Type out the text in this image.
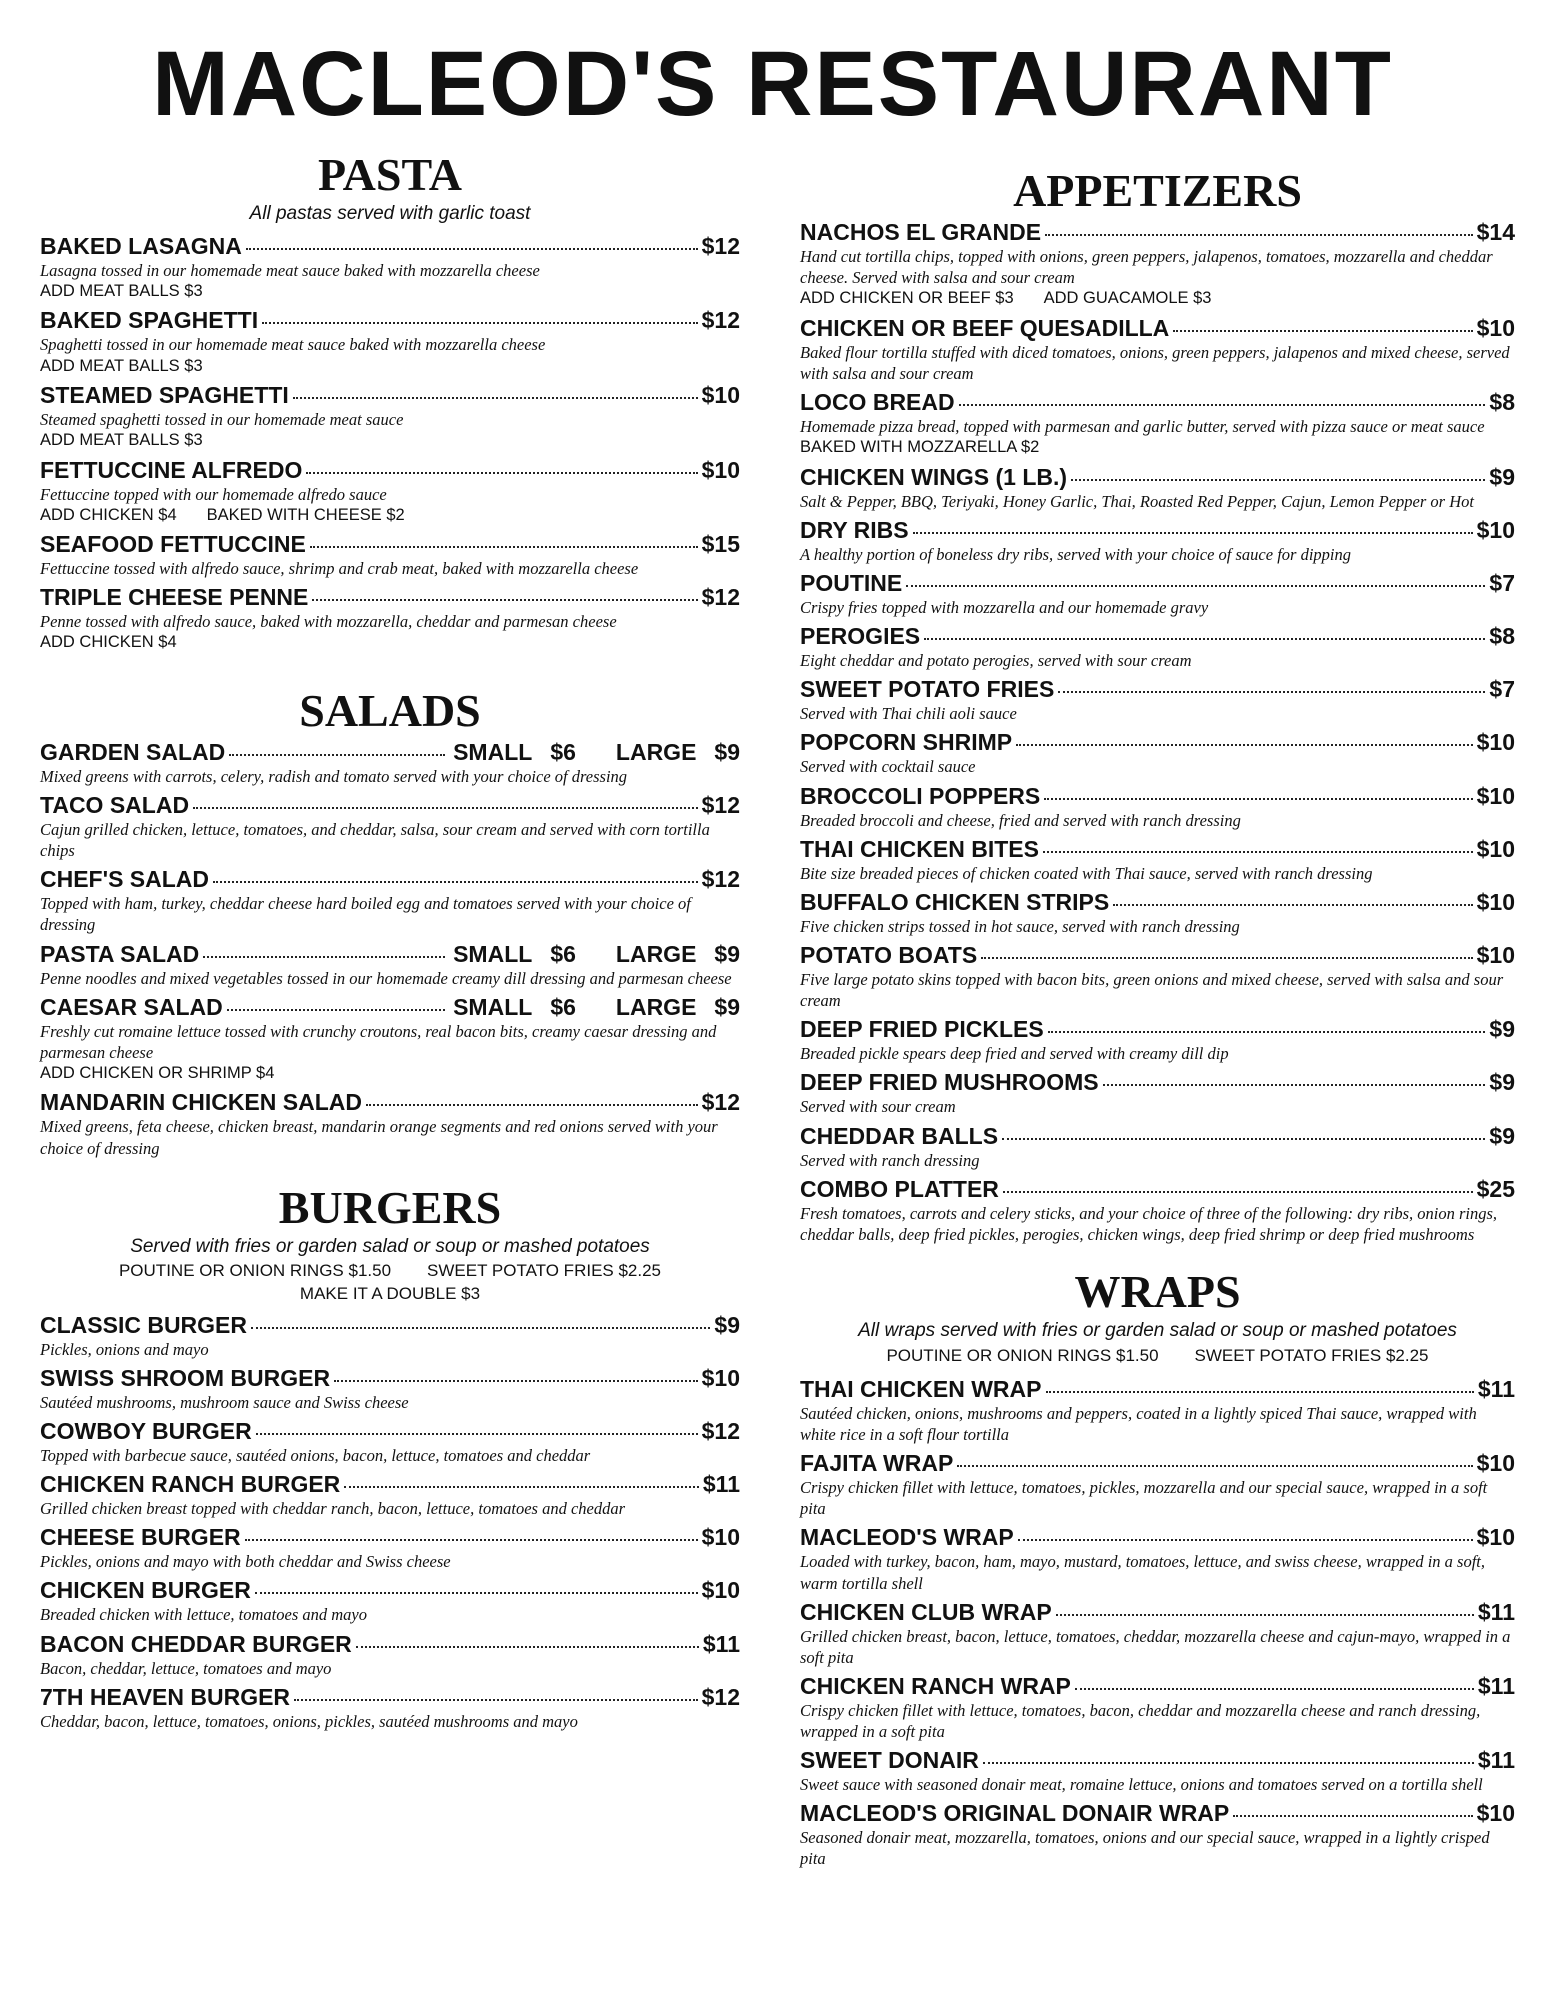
MACLEOD'S RESTAURANT
PASTA
All pastas served with garlic toast
BAKED LASAGNA	$12
Lasagna tossed in our homemade meat sauce baked with mozzarella cheese
ADD MEAT BALLS $3
BAKED SPAGHETTI	$12
Spaghetti tossed in our homemade meat sauce baked with mozzarella cheese
ADD MEAT BALLS $3
STEAMED SPAGHETTI	$10
Steamed spaghetti tossed in our homemade meat sauce
ADD MEAT BALLS $3
FETTUCCINE ALFREDO	$10
Fettuccine topped with our homemade alfredo sauce
ADD CHICKEN $4 BAKED WITH CHEESE $2
SEAFOOD FETTUCCINE	$15
Fettuccine tossed with alfredo sauce, shrimp and crab meat, baked with mozzarella cheese
TRIPLE CHEESE PENNE	$12
Penne tossed with alfredo sauce, baked with mozzarella, cheddar and parmesan cheese
ADD CHICKEN $4
SALADS
GARDEN SALAD	SMALL $6 LARGE $9
Mixed greens with carrots, celery, radish and tomato served with your choice of dressing
TACO SALAD	$12
Cajun grilled chicken, lettuce, tomatoes, and cheddar, salsa, sour cream and served with corn tortilla chips
CHEF'S SALAD	$12
Topped with ham, turkey, cheddar cheese hard boiled egg and tomatoes served with your choice of dressing
PASTA SALAD	SMALL $6 LARGE $9
Penne noodles and mixed vegetables tossed in our homemade creamy dill dressing and parmesan cheese
CAESAR SALAD	SMALL $6 LARGE $9
Freshly cut romaine lettuce tossed with crunchy croutons, real bacon bits, creamy caesar dressing and parmesan cheese
ADD CHICKEN OR SHRIMP $4
MANDARIN CHICKEN SALAD	$12
Mixed greens, feta cheese, chicken breast, mandarin orange segments and red onions served with your choice of dressing
BURGERS
Served with fries or garden salad or soup or mashed potatoes
POUTINE OR ONION RINGS $1.50 SWEET POTATO FRIES $2.25
MAKE IT A DOUBLE $3
CLASSIC BURGER	$9
Pickles, onions and mayo
SWISS SHROOM BURGER	$10
Sautéed mushrooms, mushroom sauce and Swiss cheese
COWBOY BURGER	$12
Topped with barbecue sauce, sautéed onions, bacon, lettuce, tomatoes and cheddar
CHICKEN RANCH BURGER	$11
Grilled chicken breast topped with cheddar ranch, bacon, lettuce, tomatoes and cheddar
CHEESE BURGER	$10
Pickles, onions and mayo with both cheddar and Swiss cheese
CHICKEN BURGER	$10
Breaded chicken with lettuce, tomatoes and mayo
BACON CHEDDAR BURGER	$11
Bacon, cheddar, lettuce, tomatoes and mayo
7TH HEAVEN BURGER	$12
Cheddar, bacon, lettuce, tomatoes, onions, pickles, sautéed mushrooms and mayo
APPETIZERS
NACHOS EL GRANDE	$14
Hand cut tortilla chips, topped with onions, green peppers, jalapenos, tomatoes, mozzarella and cheddar cheese. Served with salsa and sour cream
ADD CHICKEN OR BEEF $3 ADD GUACAMOLE $3
CHICKEN OR BEEF QUESADILLA	$10
Baked flour tortilla stuffed with diced tomatoes, onions, green peppers, jalapenos and mixed cheese, served with salsa and sour cream
LOCO BREAD	$8
Homemade pizza bread, topped with parmesan and garlic butter, served with pizza sauce or meat sauce
BAKED WITH MOZZARELLA $2
CHICKEN WINGS (1 LB.)	$9
Salt & Pepper, BBQ, Teriyaki, Honey Garlic, Thai, Roasted Red Pepper, Cajun, Lemon Pepper or Hot
DRY RIBS	$10
A healthy portion of boneless dry ribs, served with your choice of sauce for dipping
POUTINE	$7
Crispy fries topped with mozzarella and our homemade gravy
PEROGIES	$8
Eight cheddar and potato perogies, served with sour cream
SWEET POTATO FRIES	$7
Served with Thai chili aoli sauce
POPCORN SHRIMP	$10
Served with cocktail sauce
BROCCOLI POPPERS	$10
Breaded broccoli and cheese, fried and served with ranch dressing
THAI CHICKEN BITES	$10
Bite size breaded pieces of chicken coated with Thai sauce, served with ranch dressing
BUFFALO CHICKEN STRIPS	$10
Five chicken strips tossed in hot sauce, served with ranch dressing
POTATO BOATS	$10
Five large potato skins topped with bacon bits, green onions and mixed cheese, served with salsa and sour cream
DEEP FRIED PICKLES	$9
Breaded pickle spears deep fried and served with creamy dill dip
DEEP FRIED MUSHROOMS	$9
Served with sour cream
CHEDDAR BALLS	$9
Served with ranch dressing
COMBO PLATTER	$25
Fresh tomatoes, carrots and celery sticks, and your choice of three of the following: dry ribs, onion rings, cheddar balls, deep fried pickles, perogies, chicken wings, deep fried shrimp or deep fried mushrooms
WRAPS
All wraps served with fries or garden salad or soup or mashed potatoes
POUTINE OR ONION RINGS $1.50 SWEET POTATO FRIES $2.25
THAI CHICKEN WRAP	$11
Sautéed chicken, onions, mushrooms and peppers, coated in a lightly spiced Thai sauce, wrapped with white rice in a soft flour tortilla
FAJITA WRAP	$10
Crispy chicken fillet with lettuce, tomatoes, pickles, mozzarella and our special sauce, wrapped in a soft pita
MACLEOD'S WRAP	$10
Loaded with turkey, bacon, ham, mayo, mustard, tomatoes, lettuce, and swiss cheese, wrapped in a soft, warm tortilla shell
CHICKEN CLUB WRAP	$11
Grilled chicken breast, bacon, lettuce, tomatoes, cheddar, mozzarella cheese and cajun-mayo, wrapped in a soft pita
CHICKEN RANCH WRAP	$11
Crispy chicken fillet with lettuce, tomatoes, bacon, cheddar and mozzarella cheese and ranch dressing, wrapped in a soft pita
SWEET DONAIR	$11
Sweet sauce with seasoned donair meat, romaine lettuce, onions and tomatoes served on a tortilla shell
MACLEOD'S ORIGINAL DONAIR WRAP	$10
Seasoned donair meat, mozzarella, tomatoes, onions and our special sauce, wrapped in a lightly crisped pita
